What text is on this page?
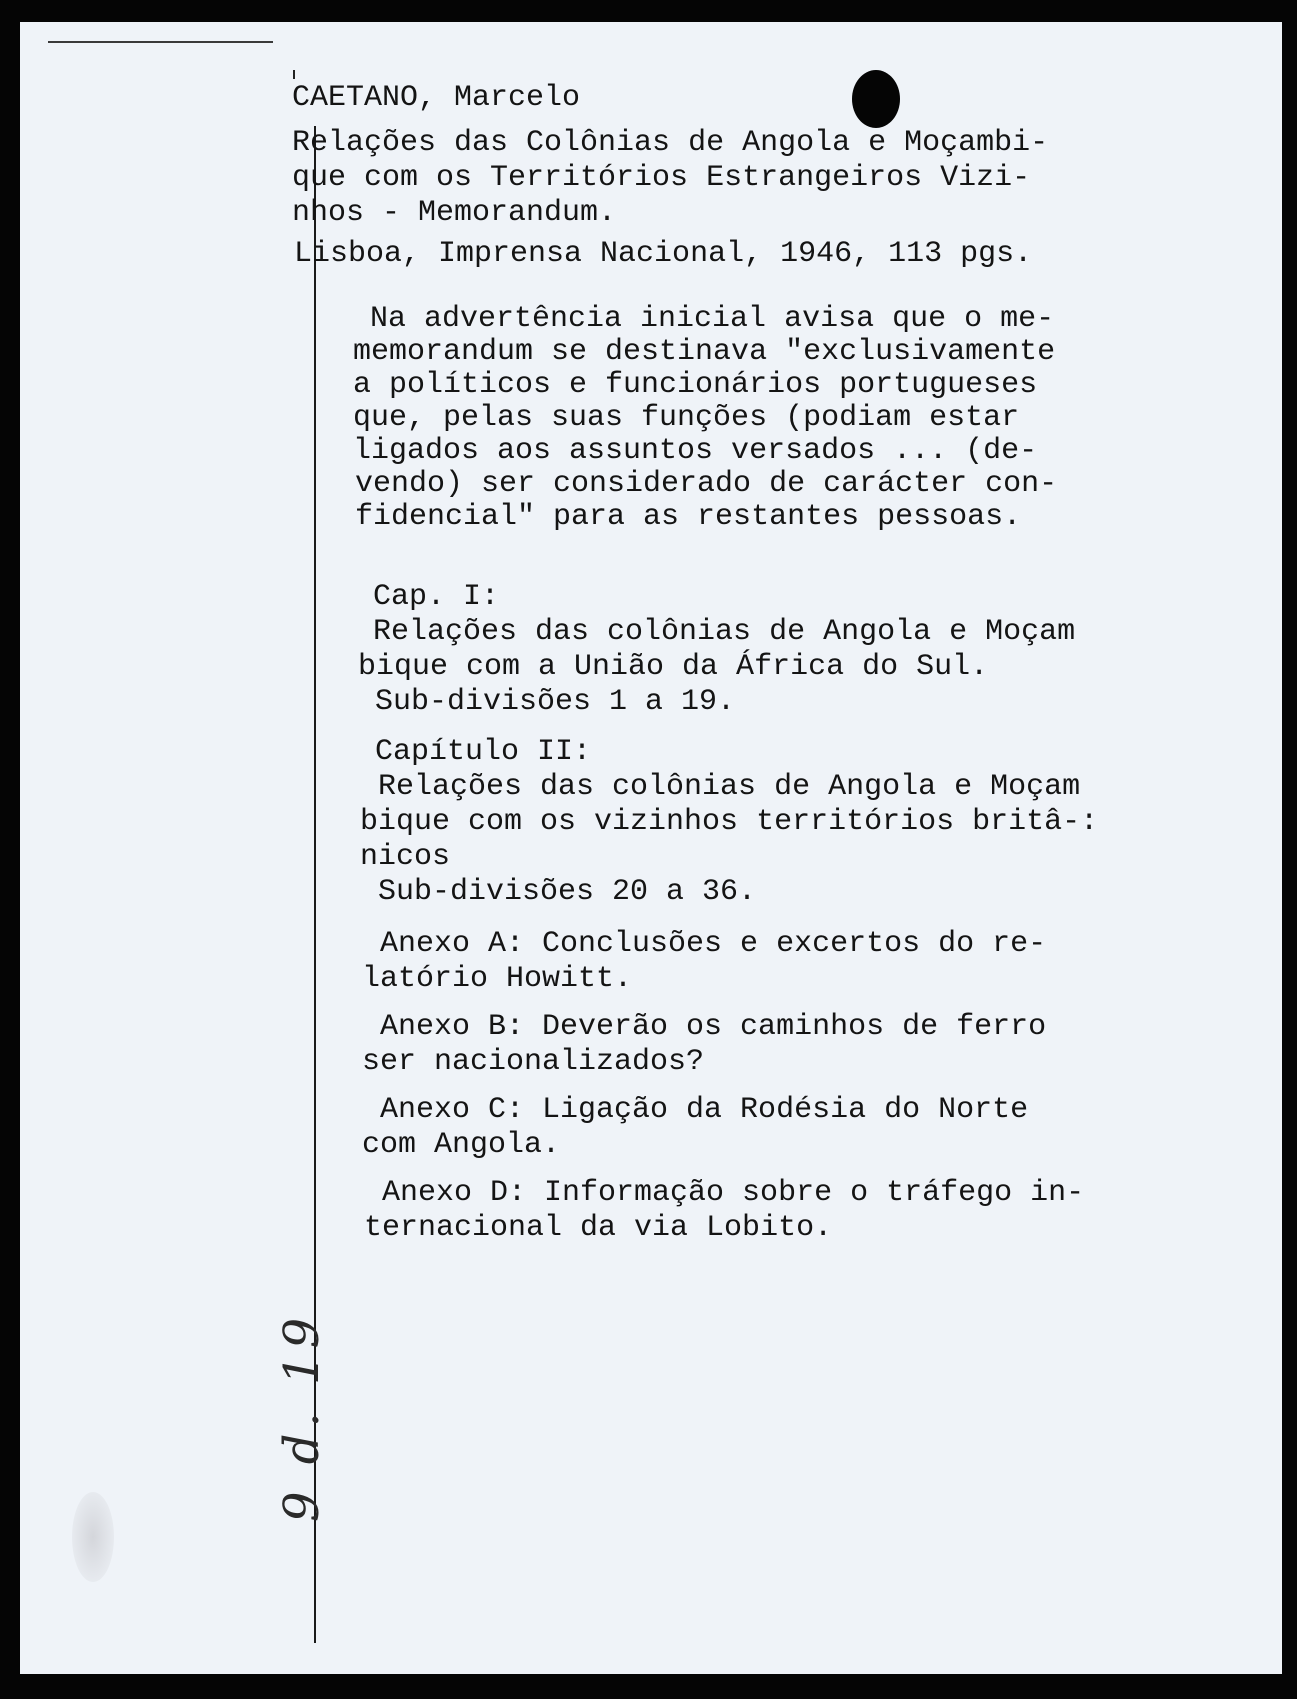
CAETANO, Marcelo

Relações das Colônias de Angola e Moçambi-

que com os Territórios Estrangeiros Vizi-

nhos - Memorandum.

Lisboa, Imprensa Nacional, 1946, 113 pgs.

Na advertência inicial avisa que o me-

memorandum se destinava "exclusivamente

a políticos e funcionários portugueses

que, pelas suas funções (podiam estar

ligados aos assuntos versados ... (de-

vendo) ser considerado de carácter con-

fidencial" para as restantes pessoas.

Cap. I:

Relações das colônias de Angola e Moçam

bique com a União da África do Sul.

Sub-divisões 1 a 19.

Capítulo II:

Relações das colônias de Angola e Moçam

bique com os vizinhos territórios britâ-:

nicos

Sub-divisões 20 a 36.

Anexo A: Conclusões e excertos do re-

latório Howitt.

Anexo B: Deverão os caminhos de ferro

ser nacionalizados?

Anexo C: Ligação da Rodésia do Norte

com Angola.

Anexo D: Informação sobre o tráfego in-

ternacional da via Lobito.

9 d. 19
